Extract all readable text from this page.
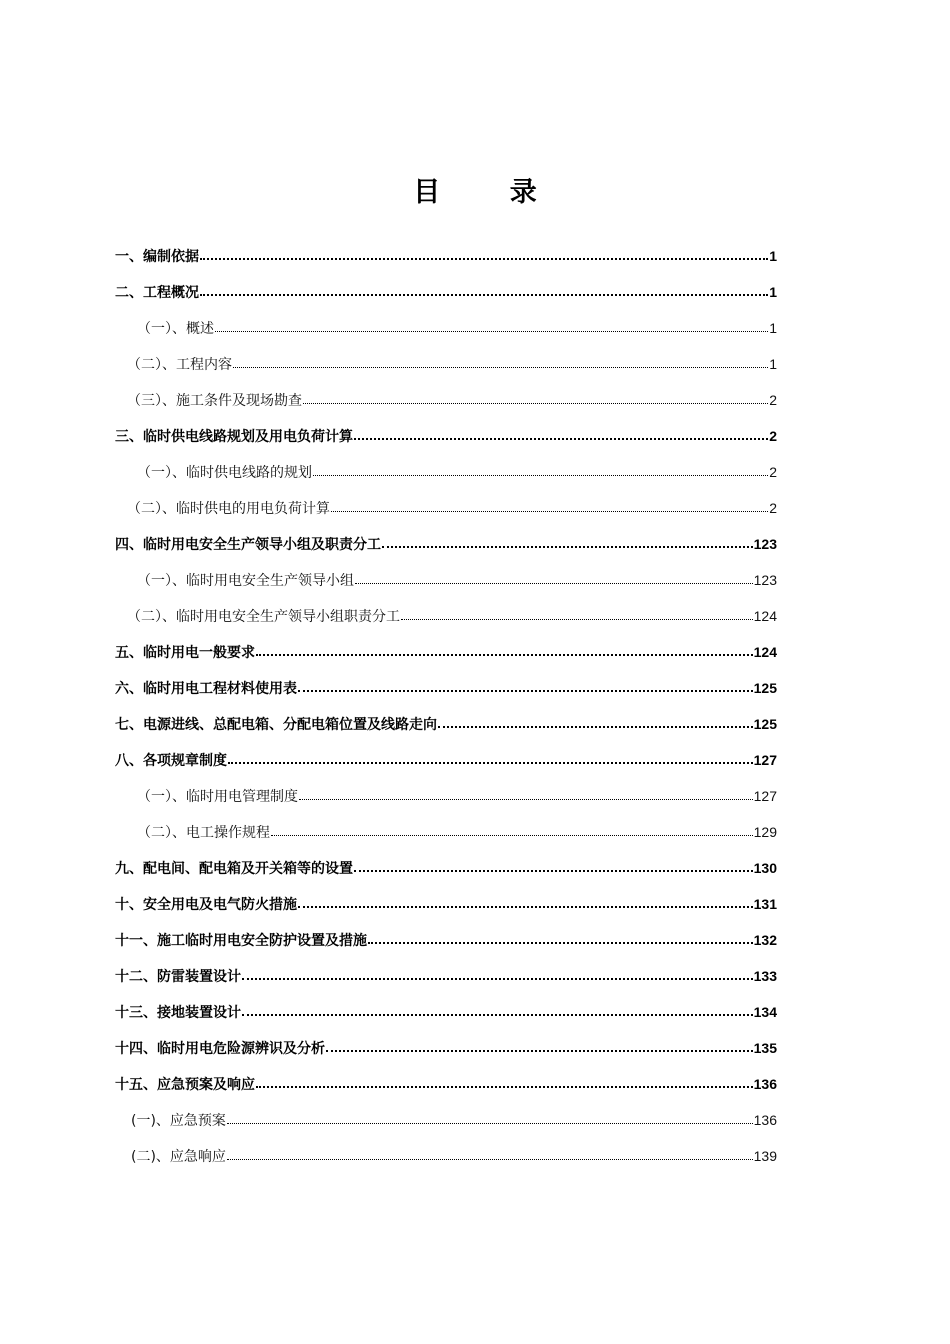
目 录
一、编制依据	1
二、工程概况	1
（一）、概述	1
（二）、工程内容	1
（三）、施工条件及现场勘查	2
三、临时供电线路规划及用电负荷计算	2
（一）、临时供电线路的规划	2
（二）、临时供电的用电负荷计算	2
四、临时用电安全生产领导小组及职责分工	123
（一）、临时用电安全生产领导小组	123
（二）、临时用电安全生产领导小组职责分工	124
五、临时用电一般要求	124
六、临时用电工程材料使用表	125
七、电源进线、总配电箱、分配电箱位置及线路走向	125
八、各项规章制度	127
（一）、临时用电管理制度	127
（二）、电工操作规程	129
九、配电间、配电箱及开关箱等的设置	130
十、安全用电及电气防火措施	131
十一、施工临时用电安全防护设置及措施	132
十二、防雷装置设计	133
十三、接地装置设计	134
十四、临时用电危险源辨识及分析	135
十五、应急预案及响应	136
(一)、应急预案	136
(二)、应急响应	139
